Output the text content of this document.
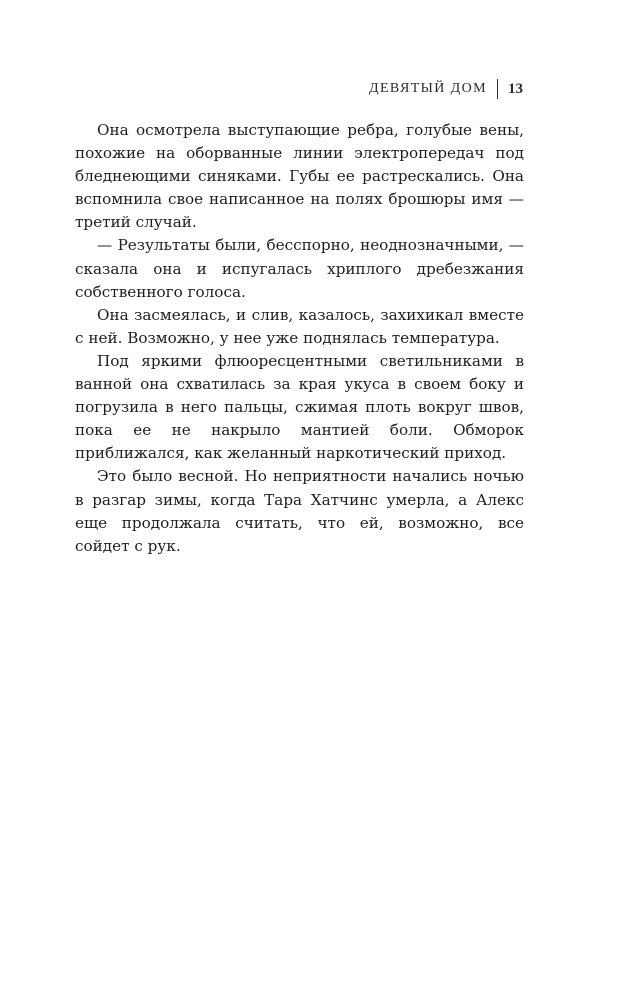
ДЕВЯТЫЙ ДОМ 13

Она осмотрела выступающие ребра, голубые вены, похожие на оборванные линии электропередач под бледнеющими синяками. Губы ее растрескались. Она вспомнила свое написанное на полях брошюры имя — третий случай.

— Результаты были, бесспорно, неоднозначными, — сказала она и испугалась хриплого дребезжания собственного голоса.

Она засмеялась, и слив, казалось, захихикал вместе с ней. Возможно, у нее уже поднялась температура.

Под яркими флюоресцентными светильниками в ванной она схватилась за края укуса в своем боку и погрузила в него пальцы, сжимая плоть вокруг швов, пока ее не накрыло мантией боли. Обморок приближался, как желанный наркотический приход.

Это было весной. Но неприятности начались ночью в разгар зимы, когда Тара Хатчинс умерла, а Алекс еще продолжала считать, что ей, возможно, все сойдет с рук.
